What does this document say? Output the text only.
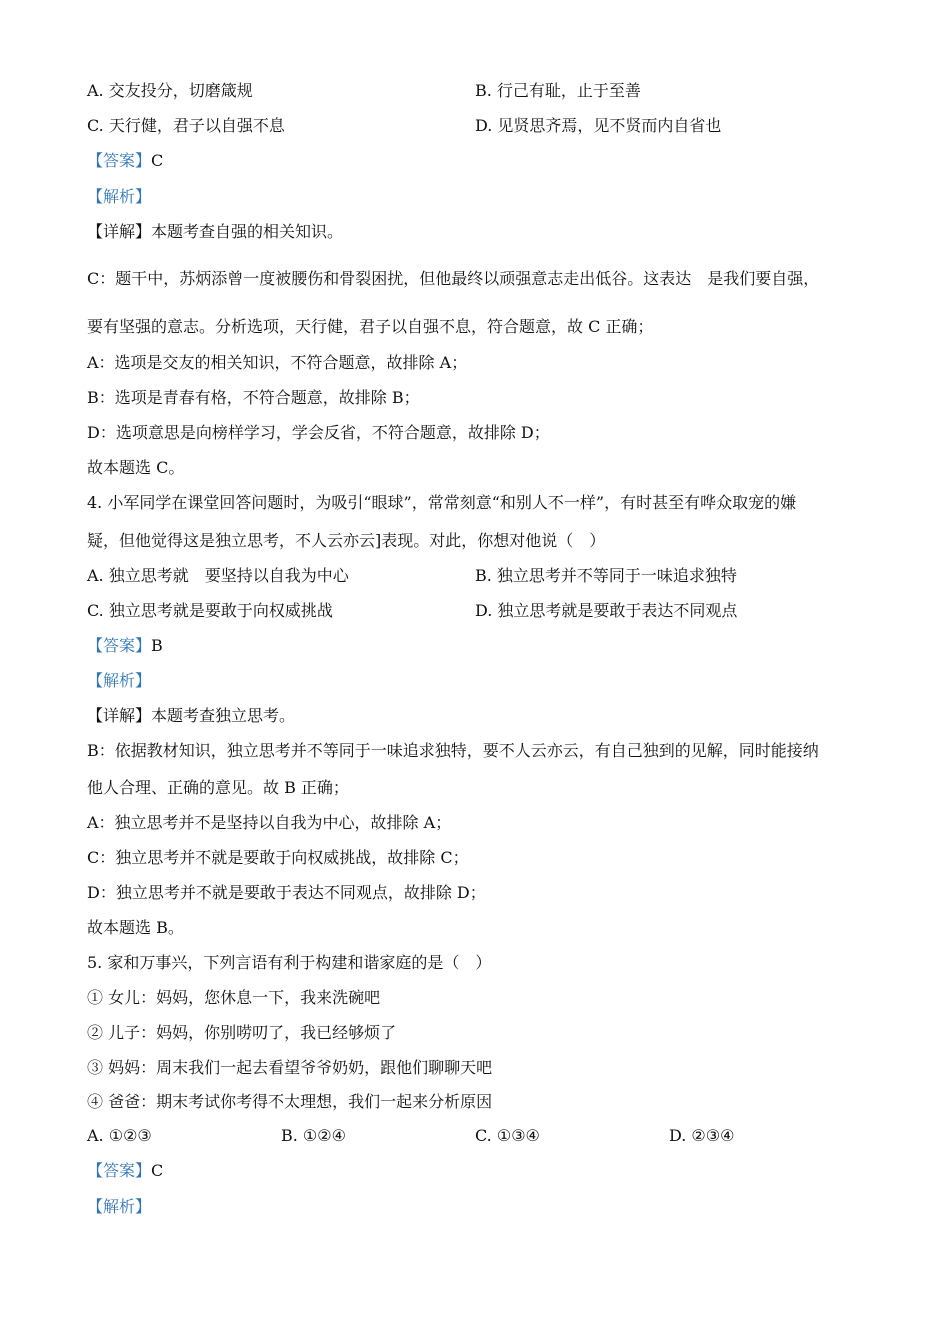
A. 交友投分，切磨箴规	B. 行己有耻，止于至善
C. 天行健，君子以自强不息	D. 见贤思齐焉，见不贤而内自省也
【答案】C
【解析】
【详解】本题考查自强的相关知识。
C：题干中，苏炳添曾一度被腰伤和骨裂困扰，但他最终以顽强意志走出低谷。这表达　是我们要自强，
要有坚强的意志。分析选项，天行健，君子以自强不息，符合题意，故 C 正确；
A：选项是交友的相关知识，不符合题意，故排除 A；
B：选项是青春有格，不符合题意，故排除 B；
D：选项意思是向榜样学习，学会反省，不符合题意，故排除 D；
故本题选 C。
4. 小军同学在课堂回答问题时，为吸引“眼球”，常常刻意“和别人不一样”，有时甚至有哗众取宠的嫌
疑，但他觉得这是独立思考，不人云亦云]表现。对此，你想对他说（　）
A. 独立思考就　要坚持以自我为中心	B. 独立思考并不等同于一味追求独特
C. 独立思考就是要敢于向权威挑战	D. 独立思考就是要敢于表达不同观点
【答案】B
【解析】
【详解】本题考查独立思考。
B：依据教材知识，独立思考并不等同于一味追求独特，要不人云亦云，有自己独到的见解，同时能接纳
他人合理、正确的意见。故 B 正确；
A：独立思考并不是坚持以自我为中心，故排除 A；
C：独立思考并不就是要敢于向权威挑战，故排除 C；
D：独立思考并不就是要敢于表达不同观点，故排除 D；
故本题选 B。
5. 家和万事兴，下列言语有利于构建和谐家庭的是（　）
① 女儿：妈妈，您休息一下，我来洗碗吧
② 儿子：妈妈，你别唠叨了，我已经够烦了
③ 妈妈：周末我们一起去看望爷爷奶奶，跟他们聊聊天吧
④ 爸爸：期末考试你考得不太理想，我们一起来分析原因
A. ①②③	B. ①②④	C. ①③④	D. ②③④
【答案】C
【解析】
